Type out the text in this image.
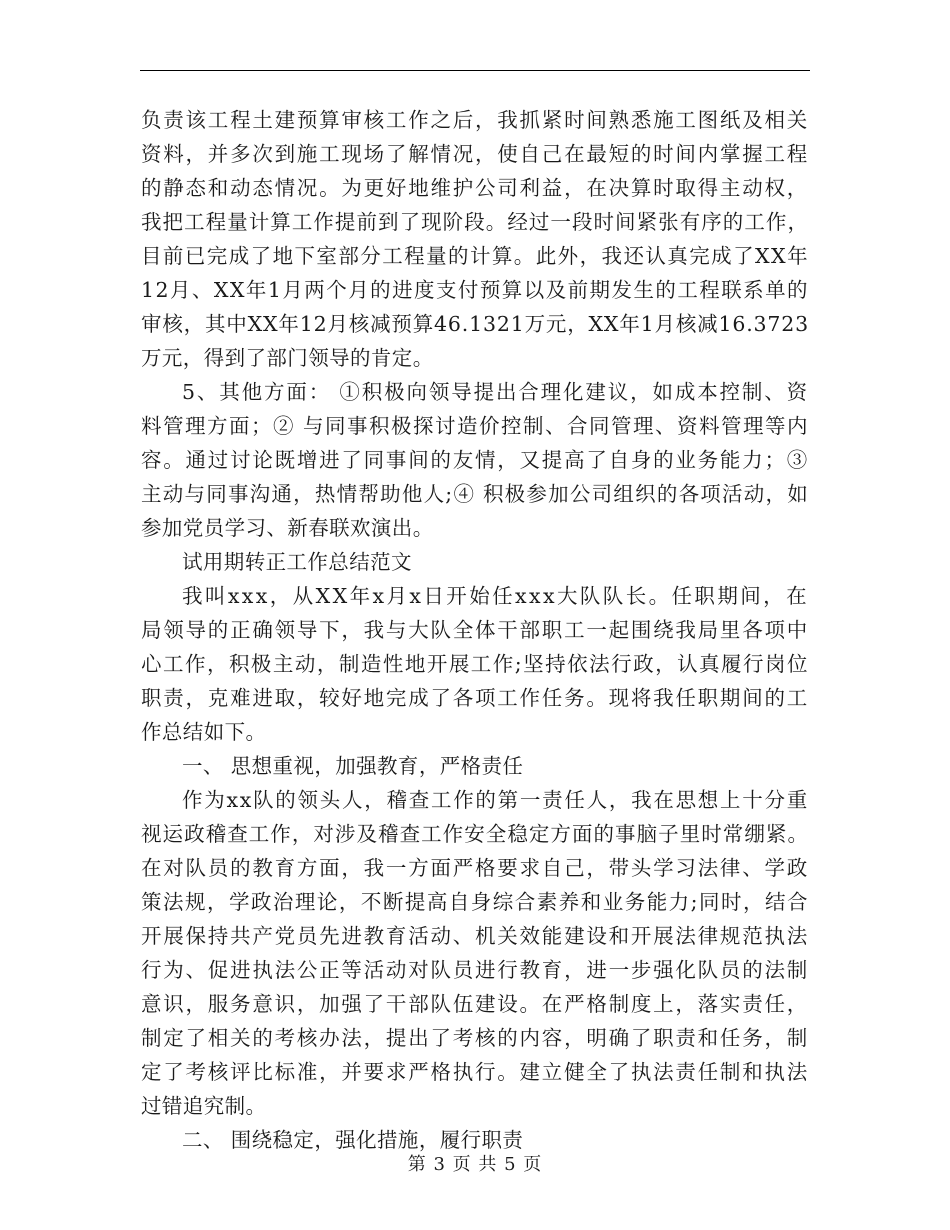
负责该工程土建预算审核工作之后，我抓紧时间熟悉施工图纸及相关
资料，并多次到施工现场了解情况，使自己在最短的时间内掌握工程
的静态和动态情况。为更好地维护公司利益，在决算时取得主动权，
我把工程量计算工作提前到了现阶段。经过一段时间紧张有序的工作，
目前已完成了地下室部分工程量的计算。此外，我还认真完成了XX年
12月、XX年1月两个月的进度支付预算以及前期发生的工程联系单的
审核，其中XX年12月核减预算46.1321万元，XX年1月核减16.3723
万元，得到了部门领导的肯定。
5、其他方面： ①积极向领导提出合理化建议，如成本控制、资
料管理方面；② 与同事积极探讨造价控制、合同管理、资料管理等内
容。通过讨论既增进了同事间的友情，又提高了自身的业务能力；③
主动与同事沟通，热情帮助他人;④ 积极参加公司组织的各项活动，如
参加党员学习、新春联欢演出。
试用期转正工作总结范文
我叫xxx，从XX年x月x日开始任xxx大队队长。任职期间，在
局领导的正确领导下，我与大队全体干部职工一起围绕我局里各项中
心工作，积极主动，制造性地开展工作;坚持依法行政，认真履行岗位
职责，克难进取，较好地完成了各项工作任务。现将我任职期间的工
作总结如下。
一、 思想重视，加强教育，严格责任
作为xx队的领头人，稽查工作的第一责任人，我在思想上十分重
视运政稽查工作，对涉及稽查工作安全稳定方面的事脑子里时常绷紧。
在对队员的教育方面，我一方面严格要求自己，带头学习法律、学政
策法规，学政治理论，不断提高自身综合素养和业务能力;同时，结合
开展保持共产党员先进教育活动、机关效能建设和开展法律规范执法
行为、促进执法公正等活动对队员进行教育，进一步强化队员的法制
意识，服务意识，加强了干部队伍建设。在严格制度上，落实责任，
制定了相关的考核办法，提出了考核的内容，明确了职责和任务，制
定了考核评比标准，并要求严格执行。建立健全了执法责任制和执法
过错追究制。
二、 围绕稳定，强化措施，履行职责
第 3 页 共 5 页
